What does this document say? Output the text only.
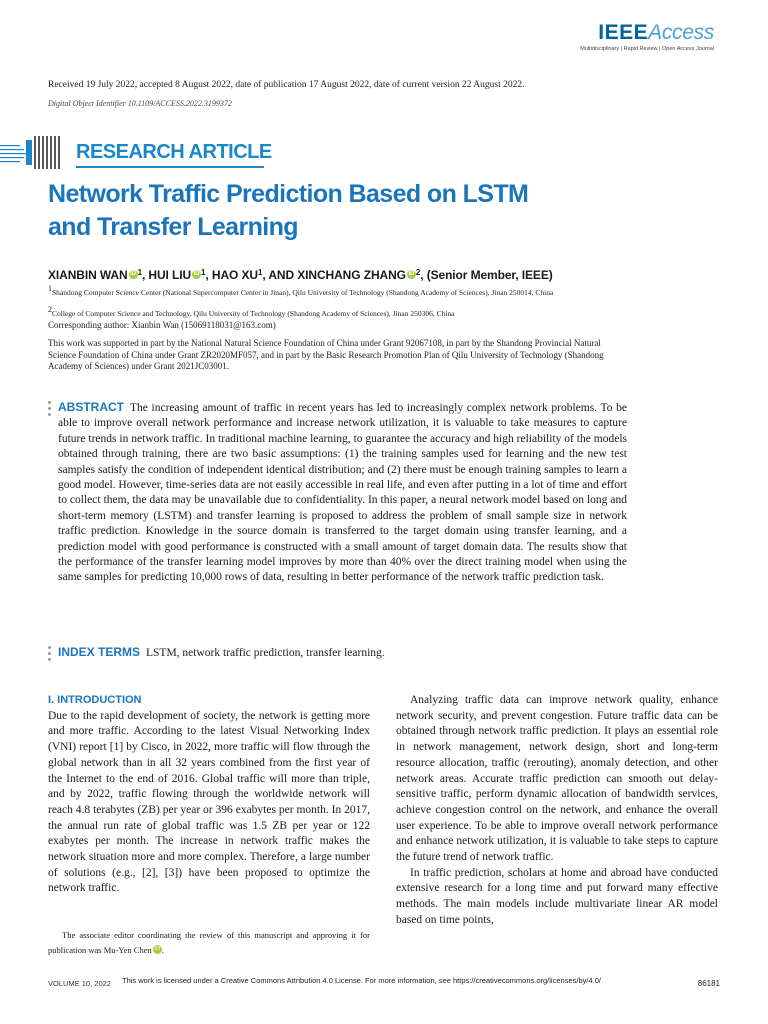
IEEEAccess
Multidisciplinary | Rapid Review | Open Access Journal
Received 19 July 2022, accepted 8 August 2022, date of publication 17 August 2022, date of current version 22 August 2022.
Digital Object Identifier 10.1109/ACCESS.2022.3199372
RESEARCH ARTICLE
Network Traffic Prediction Based on LSTM
and Transfer Learning
XIANBIN WAN iD $^1$, HUI LIU iD $^1$, HAO $XU^1$, AND XINCHANG ZHANG iD $^2$, (Senior Member, IEEE)
1Shandong Computer Science Center (National Supercomputer Center in Jinan), Qilu University of Technology (Shandong Academy of Sciences), Jinan 250014, China
2College of Computer Science and Technology, Qilu University of Technology (Shandong Academy of Sciences), Jinan 250306, China
Corresponding author: Xianbin Wan (15069118031@163.com)
This work was supported in part by the National Natural Science Foundation of China under Grant 92067108, in part by the Shandong Provincial Natural Science Foundation of China under Grant ZR2020MF057, and in part by the Basic Research Promotion Plan of Qilu University of Technology (Shandong Academy of Sciences) under Grant 2021JC03001.
ABSTRACT The increasing amount of traffic in recent years has led to increasingly complex network problems. To be able to improve overall network performance and increase network utilization, it is valuable to take measures to capture future trends in network traffic. In traditional machine learning, to guarantee the accuracy and high reliability of the models obtained through training, there are two basic assumptions: (1) the training samples used for learning and the new test samples satisfy the condition of independent identical distribution; and (2) there must be enough training samples to learn a good model. However, time-series data are not easily accessible in real life, and even after putting in a lot of time and effort to collect them, the data may be unavailable due to confidentiality. In this paper, a neural network model based on long and short-term memory (LSTM) and transfer learning is proposed to address the problem of small sample size in network traffic prediction. Knowledge in the source domain is transferred to the target domain using transfer learning, and a prediction model with good performance is constructed with a small amount of target domain data. The results show that the performance of the transfer learning model improves by more than 40% over the direct training model when using the same samples for predicting 10,000 rows of data, resulting in better performance of the network traffic prediction task.
INDEX TERMS LSTM, network traffic prediction, transfer learning.
I. INTRODUCTION

Due to the rapid development of society, the network is getting more and more traffic. According to the latest Visual Networking Index (VNI) report [1] by Cisco, in 2022, more traffic will flow through the global network than in all 32 years combined from the first year of the Internet to the end of 2016. Global traffic will more than triple, and by 2022, traffic flowing through the worldwide network will reach 4.8 terabytes (ZB) per year or 396 exabytes per month. In 2017, the annual run rate of global traffic was 1.5 ZB per year or 122 exabytes per month. The increase in network traffic makes the network situation more and more complex. Therefore, a large number of solutions (e.g., [2], [3]) have been proposed to optimize the network traffic.

The associate editor coordinating the review of this manuscript and approving it for publication was Mu-Yen Chen iD .

Analyzing traffic data can improve network quality, enhance network security, and prevent congestion. Future traffic data can be obtained through network traffic prediction. It plays an essential role in network management, network design, short and long-term resource allocation, traffic (rerouting), anomaly detection, and other network areas. Accurate traffic prediction can smooth out delay-sensitive traffic, perform dynamic allocation of bandwidth services, achieve congestion control on the network, and enhance the overall user experience. To be able to improve overall network performance and enhance network utilization, it is valuable to take steps to capture the future trend of network traffic.

In traffic prediction, scholars at home and abroad have conducted extensive research for a long time and put forward many effective methods. The main models include multivariate linear AR model based on time points,

VOLUME 10, 2022 This work is licensed under a Creative Commons Attribution 4.0 License. For more information, see https://creativecommons.org/licenses/by/4.0/	86181
